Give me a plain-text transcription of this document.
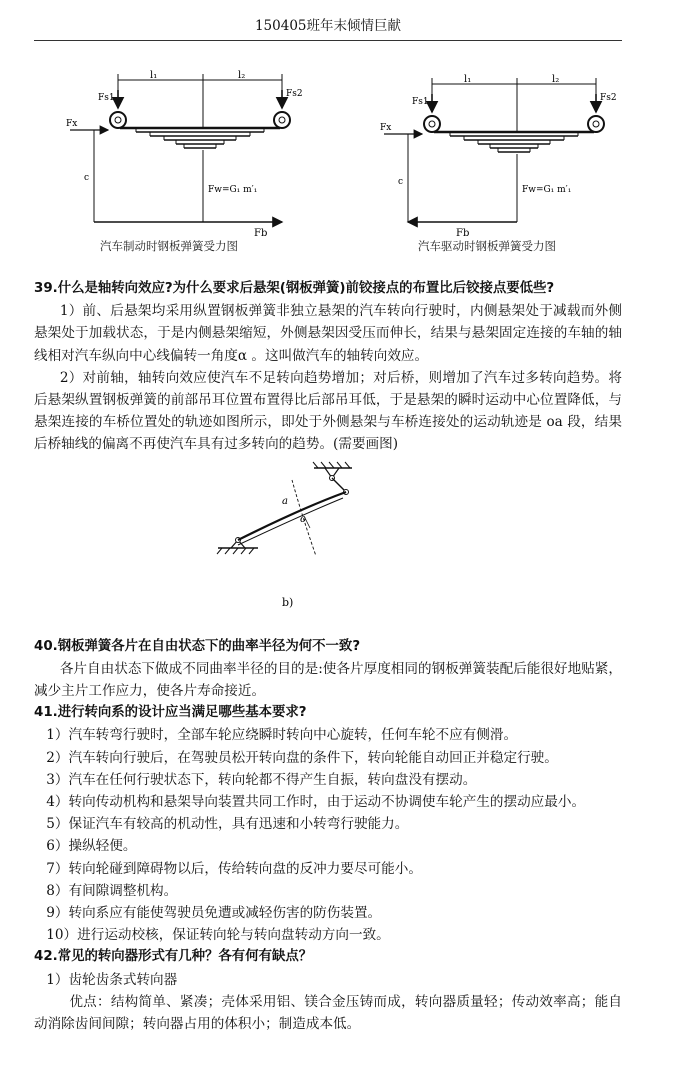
150405班年末倾情巨献
l₁	l₂
Fs1	Fs2
Fx
c
Fw=G₁ m′₁
Fb
l₁	l₂
Fs1	Fs2
Fx
c
Fw=G₁ m′₁
Fb
汽车制动时钢板弹簧受力图	汽车驱动时钢板弹簧受力图
39.什么是轴转向效应?为什么要求后悬架(钢板弹簧)前铰接点的布置比后铰接点要低些?
1）前、后悬架均采用纵置钢板弹簧非独立悬架的汽车转向行驶时，内侧悬架处于减载而外侧悬架处于加载状态，于是内侧悬架缩短，外侧悬架因受压而伸长，结果与悬架固定连接的车轴的轴线相对汽车纵向中心线偏转一角度α 。这叫做汽车的轴转向效应。
2）对前轴，轴转向效应使汽车不足转向趋势增加；对后桥，则增加了汽车过多转向趋势。将后悬架纵置钢板弹簧的前部吊耳位置布置得比后部吊耳低，于是悬架的瞬时运动中心位置降低，与悬架连接的车桥位置处的轨迹如图所示，即处于外侧悬架与车桥连接处的运动轨迹是 oa 段，结果后桥轴线的偏离不再使汽车具有过多转向的趋势。(需要画图)
a
o
b)
40.钢板弹簧各片在自由状态下的曲率半径为何不一致?
各片自由状态下做成不同曲率半径的目的是:使各片厚度相同的钢板弹簧装配后能很好地贴紧，减少主片工作应力，使各片寿命接近。
41.进行转向系的设计应当满足哪些基本要求?
1）汽车转弯行驶时，全部车轮应绕瞬时转向中心旋转，任何车轮不应有侧滑。
2）汽车转向行驶后，在驾驶员松开转向盘的条件下，转向轮能自动回正并稳定行驶。
3）汽车在任何行驶状态下，转向轮都不得产生自振，转向盘没有摆动。
4）转向传动机构和悬架导向装置共同工作时，由于运动不协调使车轮产生的摆动应最小。
5）保证汽车有较高的机动性，具有迅速和小转弯行驶能力。
6）操纵轻便。
7）转向轮碰到障碍物以后，传给转向盘的反冲力要尽可能小。
8）有间隙调整机构。
9）转向系应有能使驾驶员免遭或减轻伤害的防伤装置。
10）进行运动校核，保证转向轮与转向盘转动方向一致。
42.常见的转向器形式有几种？各有何有缺点？
1）齿轮齿条式转向器
优点：结构简单、紧凑；壳体采用铝、镁合金压铸而成，转向器质量轻；传动效率高；能自动消除齿间间隙；转向器占用的体积小；制造成本低。
